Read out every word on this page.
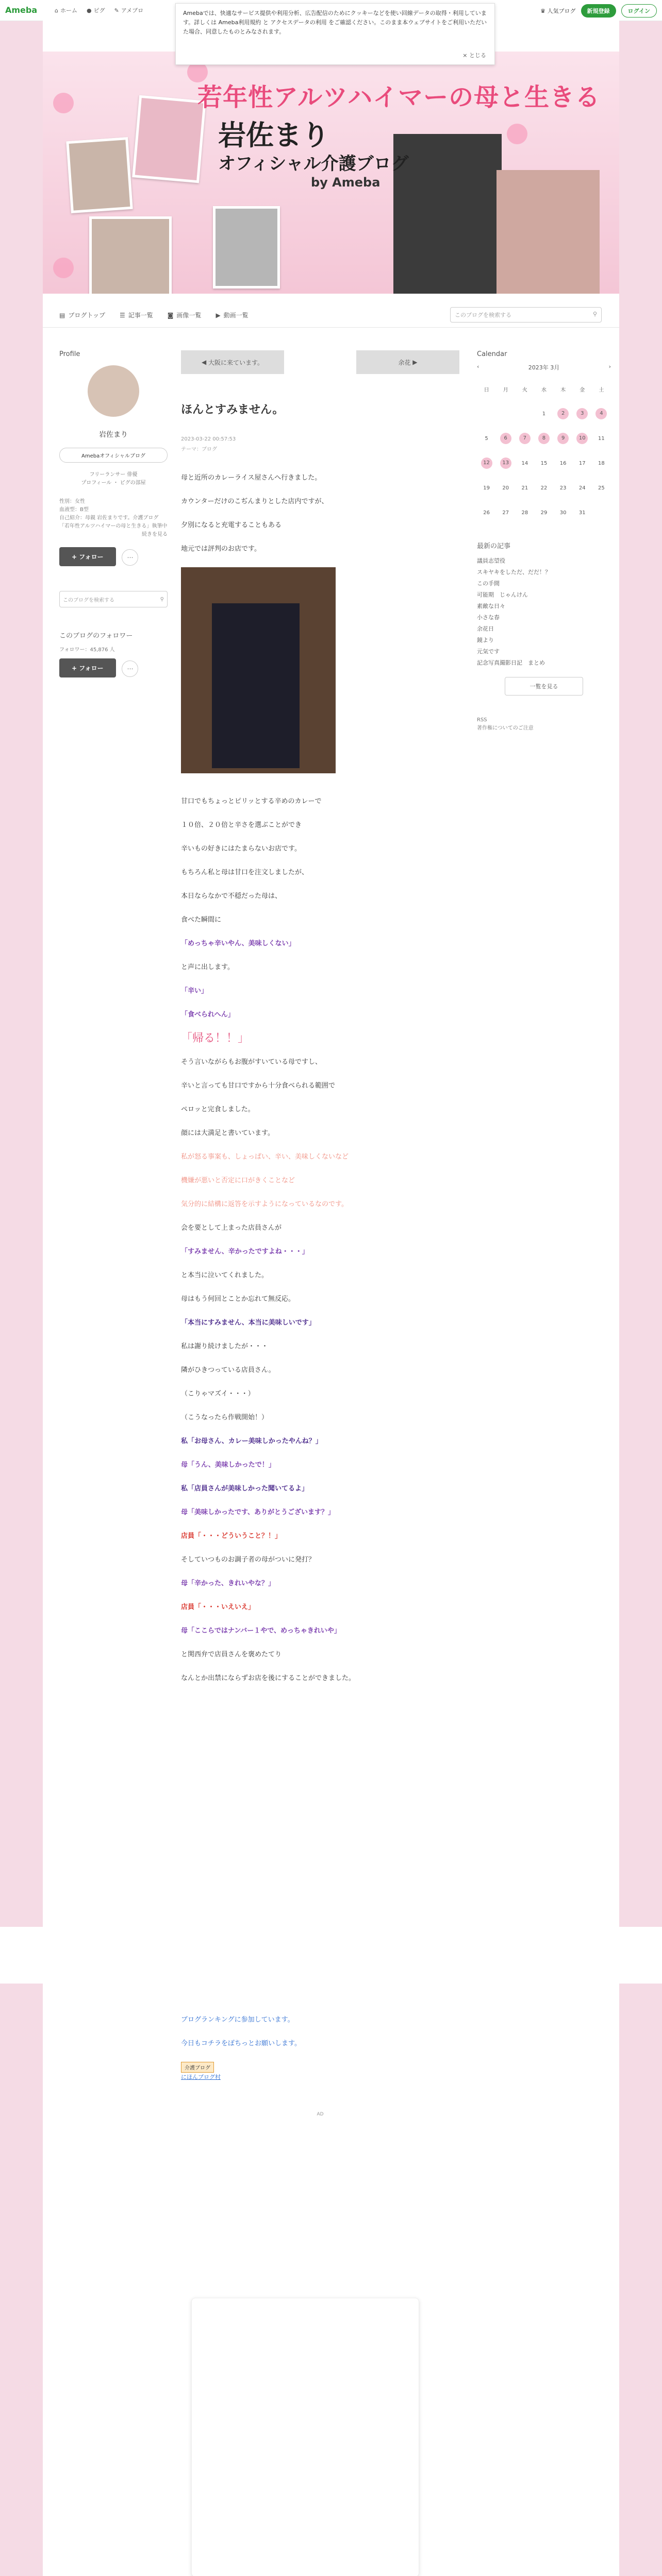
Ameba	⌂ ホーム ● ピグ ✎ アメブロ	♛ 人気ブログ	新規登録	ログイン
Amebaでは、快適なサービス提供や利用分析、広告配信のためにクッキーなどを使い回線データの取得・利用しています。詳しくは Ameba利用規約 と アクセスデータの利用 をご確認ください。このまま本ウェブサイトをご利用いただいた場合、同意したものとみなされます。
× とじる
若年性アルツハイマーの母と生きる
岩佐まり
オフィシャル介護ブログ
by Ameba
▤ ブログトップ ☰ 記事一覧 ◙ 画像一覧 ▶ 動画一覧	このブログを検索する	⚲
Profile
岩佐まり
Amebaオフィシャルブログ
フリーランサー 俳優
プロフィール ・ ピグの部屋
性別：女性
血液型：B型
自己紹介：母親 岩佐まりです。介護ブログ「若年性アルツハイマーの母と生きる」執筆中
続きを見る
+ フォロー	⋯
このブログを検索する	⚲
このブログのフォロワー
フォロワー：45,876 人
+ フォロー	⋯
◀ 大阪に来ています。	余花 ▶
ほんとすみません。
2023-03-22 00:57:53
テーマ：ブログ
母と近所のカレーライス屋さんへ行きました。
カウンターだけのこぢんまりとした店内ですが、
夕別になると充電するこ​ともある
地元では評判のお店です。
甘口でもちょっとピリッとする辛めのカレーで
１０倍、２０倍と辛さを選ぶことができ
辛いもの好きにはたまらないお店です。
もちろん私と母は甘口を注文しましたが、
本日ならなかで不穏だった母は、
食べた瞬間に
「めっちゃ辛いやん、美味しくない」
と声に出します。
「辛い」
「食べられへん」
「帰る！！」
そう言いながらもお腹がすいている母ですし、
辛いと言っても甘口ですから十分食べられる範囲で
ペロッと完食しました。
顔には大満足と書いています。
私が怒る事案も、しょっぱい、辛い、美味しくないなど
機嫌が悪いと否定に口がきくことなど
気分的に結構に返答を示すようになっているなのです。
会を要として上まった店員さんが
「すみません、辛かったですよね・・・」
と本当に泣いてくれました。
母はもう何回とことか忘れて無反応。
「本当にすみません、本当に美味しいです」
私は謝り続けましたが・・・
隣がひきつっている店員さん。
（こりゃマズイ・・・）
（こうなったら作戦開始！）
私「お母さん、カレー美味しかったやんね？」
母「うん、美味しかったで！」
私「店員さんが美味しかった聞いてるよ」
母「美味しかったです、ありがとうございます？」
店員「・・・どういうこと？！」
そしていつものお調子者の母がついに発打？
母「辛かった、きれいやな？」
店員「・・・いえいえ」
母「ここらではナンバー１やで、めっちゃきれいや」
と関西弁で店員さんを褒めたてり
なんとか出禁にならずお店を後にすることができました。
Calendar
‹	2023年 3月	›
日	月	火	水	木	金	土
			1	2	3	4
5	6	7	8	9	10	11
12	13	14	15	16	17	18
19	20	21	22	23	24	25
26	27	28	29	30	31	
最新の記事
議員志望役
スキヤキをしただ、だだ！？
この手間
可能期　じゃんけん
素敵な日々
小さな春
余花日
鏡より
元気です
記念写真撮影日記　まとめ
一覧を見る
RSS
著作権についてのご注意
ブログランキングに参加しています。
今日もコチラをぽちっとお願いします。
介護ブログ
にほんブログ村
AD
